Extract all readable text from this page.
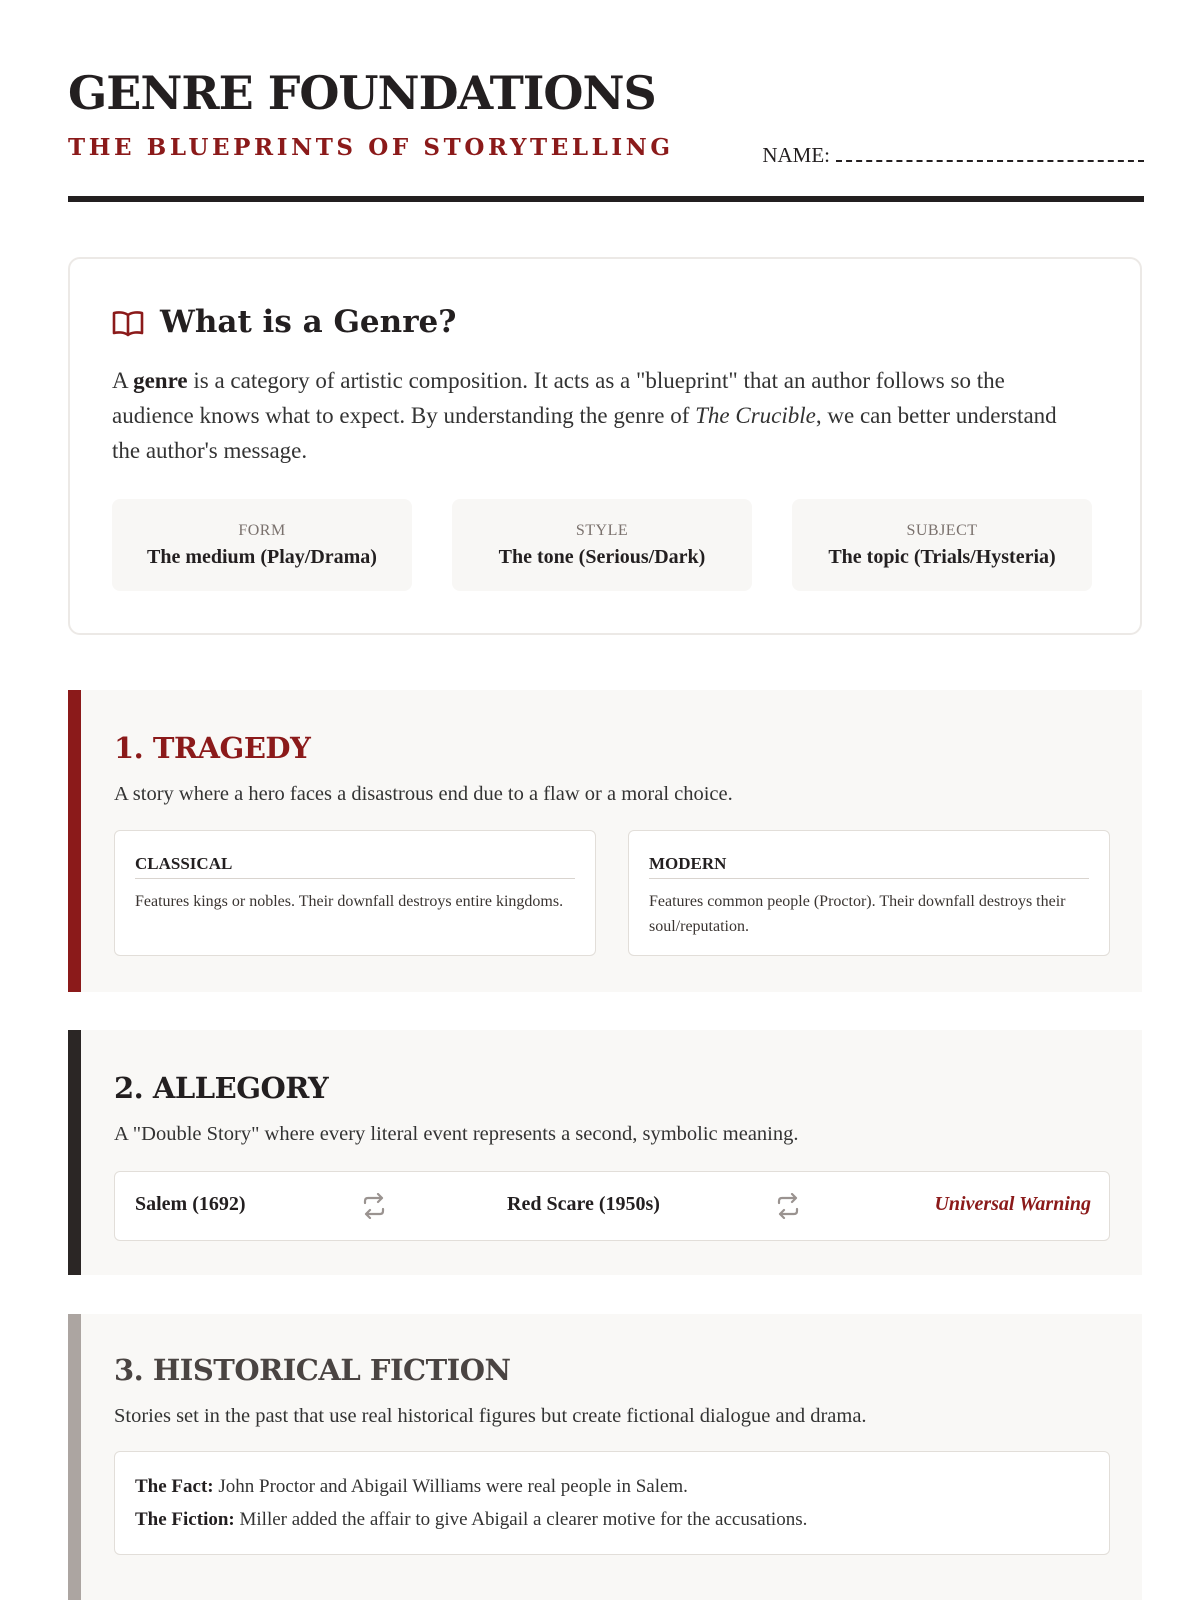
GENRE FOUNDATIONS
THE BLUEPRINTS OF STORYTELLING	NAME:
What is a Genre?
A genre is a category of artistic composition. It acts as a "blueprint" that an author follows so the audience knows what to expect. By understanding the genre of The Crucible, we can better understand the author's message.
FORM
The medium (Play/Drama)
STYLE
The tone (Serious/Dark)
SUBJECT
The topic (Trials/Hysteria)
1. TRAGEDY
A story where a hero faces a disastrous end due to a flaw or a moral choice.
CLASSICAL
Features kings or nobles. Their downfall destroys entire kingdoms.
MODERN
Features common people (Proctor). Their downfall destroys their soul/reputation.
2. ALLEGORY
A "Double Story" where every literal event represents a second, symbolic meaning.
Salem (1692)	Red Scare (1950s)	Universal Warning
3. HISTORICAL FICTION
Stories set in the past that use real historical figures but create fictional dialogue and drama.
The Fact: John Proctor and Abigail Williams were real people in Salem.
The Fiction: Miller added the affair to give Abigail a clearer motive for the accusations.
